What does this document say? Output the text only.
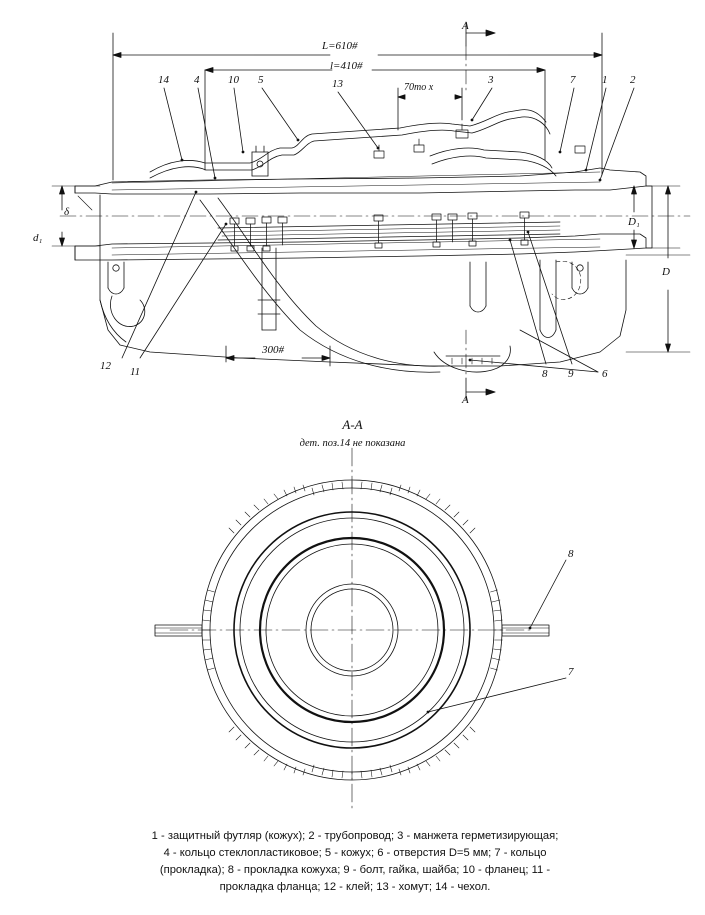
L=610#
l=410#
70mo x
300#
А
А
δ
d₁
D₁
D
14 4	10 5	13	3	7 1 2
12 11	6
8 9
А-А
дет. поз.14 не показана
8
7
1 - защитный футляр (кожух); 2 - трубопровод; 3 - манжета герметизирующая;
4 - кольцо стеклопластиковое; 5 - кожух; 6 - отверстия D=5 мм; 7 - кольцо
(прокладка); 8 - прокладка кожуха; 9 - болт, гайка, шайба; 10 - фланец; 11 -
прокладка фланца; 12 - клей; 13 - хомут; 14 - чехол.
